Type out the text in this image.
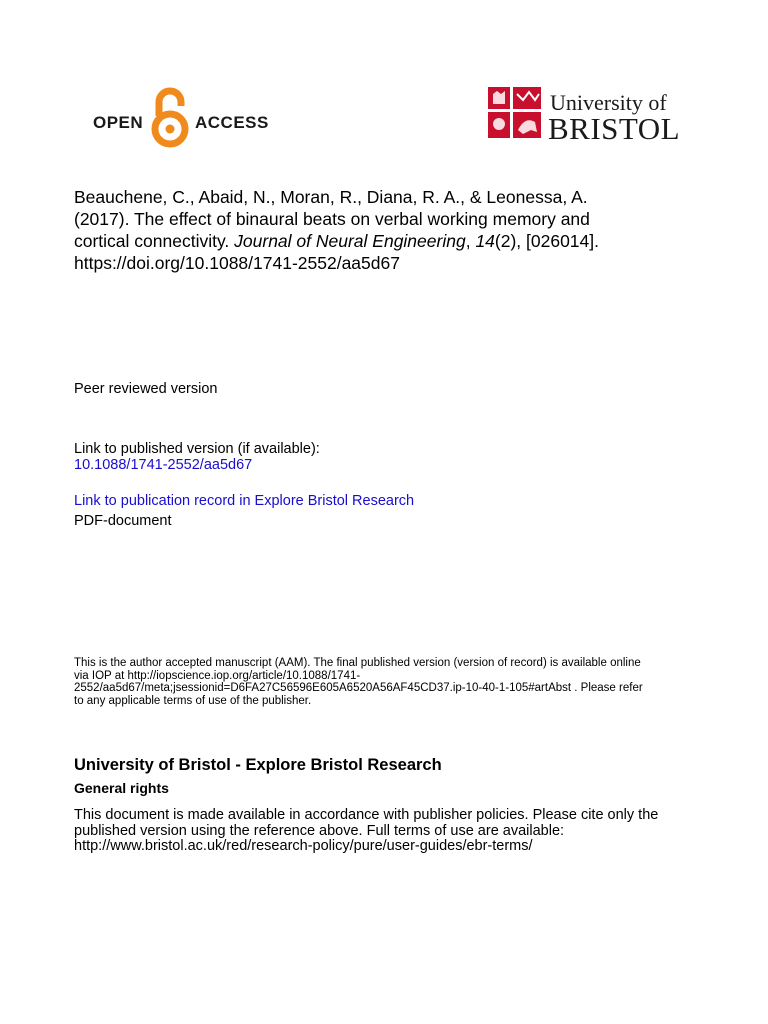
OPEN	ACCESS
University of
BRISTOL
Beauchene, C., Abaid, N., Moran, R., Diana, R. A., & Leonessa, A.
(2017). The effect of binaural beats on verbal working memory and
cortical connectivity. Journal of Neural Engineering, 14(2), [026014].
https://doi.org/10.1088/1741-2552/aa5d67
Peer reviewed version
Link to published version (if available):
10.1088/1741-2552/aa5d67
Link to publication record in Explore Bristol Research
PDF-document
This is the author accepted manuscript (AAM). The final published version (version of record) is available online
via IOP at http://iopscience.iop.org/article/10.1088/1741-
2552/aa5d67/meta;jsessionid=D6FA27C56596E605A6520A56AF45CD37.ip-10-40-1-105#artAbst . Please refer
to any applicable terms of use of the publisher.
University of Bristol - Explore Bristol Research
General rights
This document is made available in accordance with publisher policies. Please cite only the
published version using the reference above. Full terms of use are available:
http://www.bristol.ac.uk/red/research-policy/pure/user-guides/ebr-terms/
